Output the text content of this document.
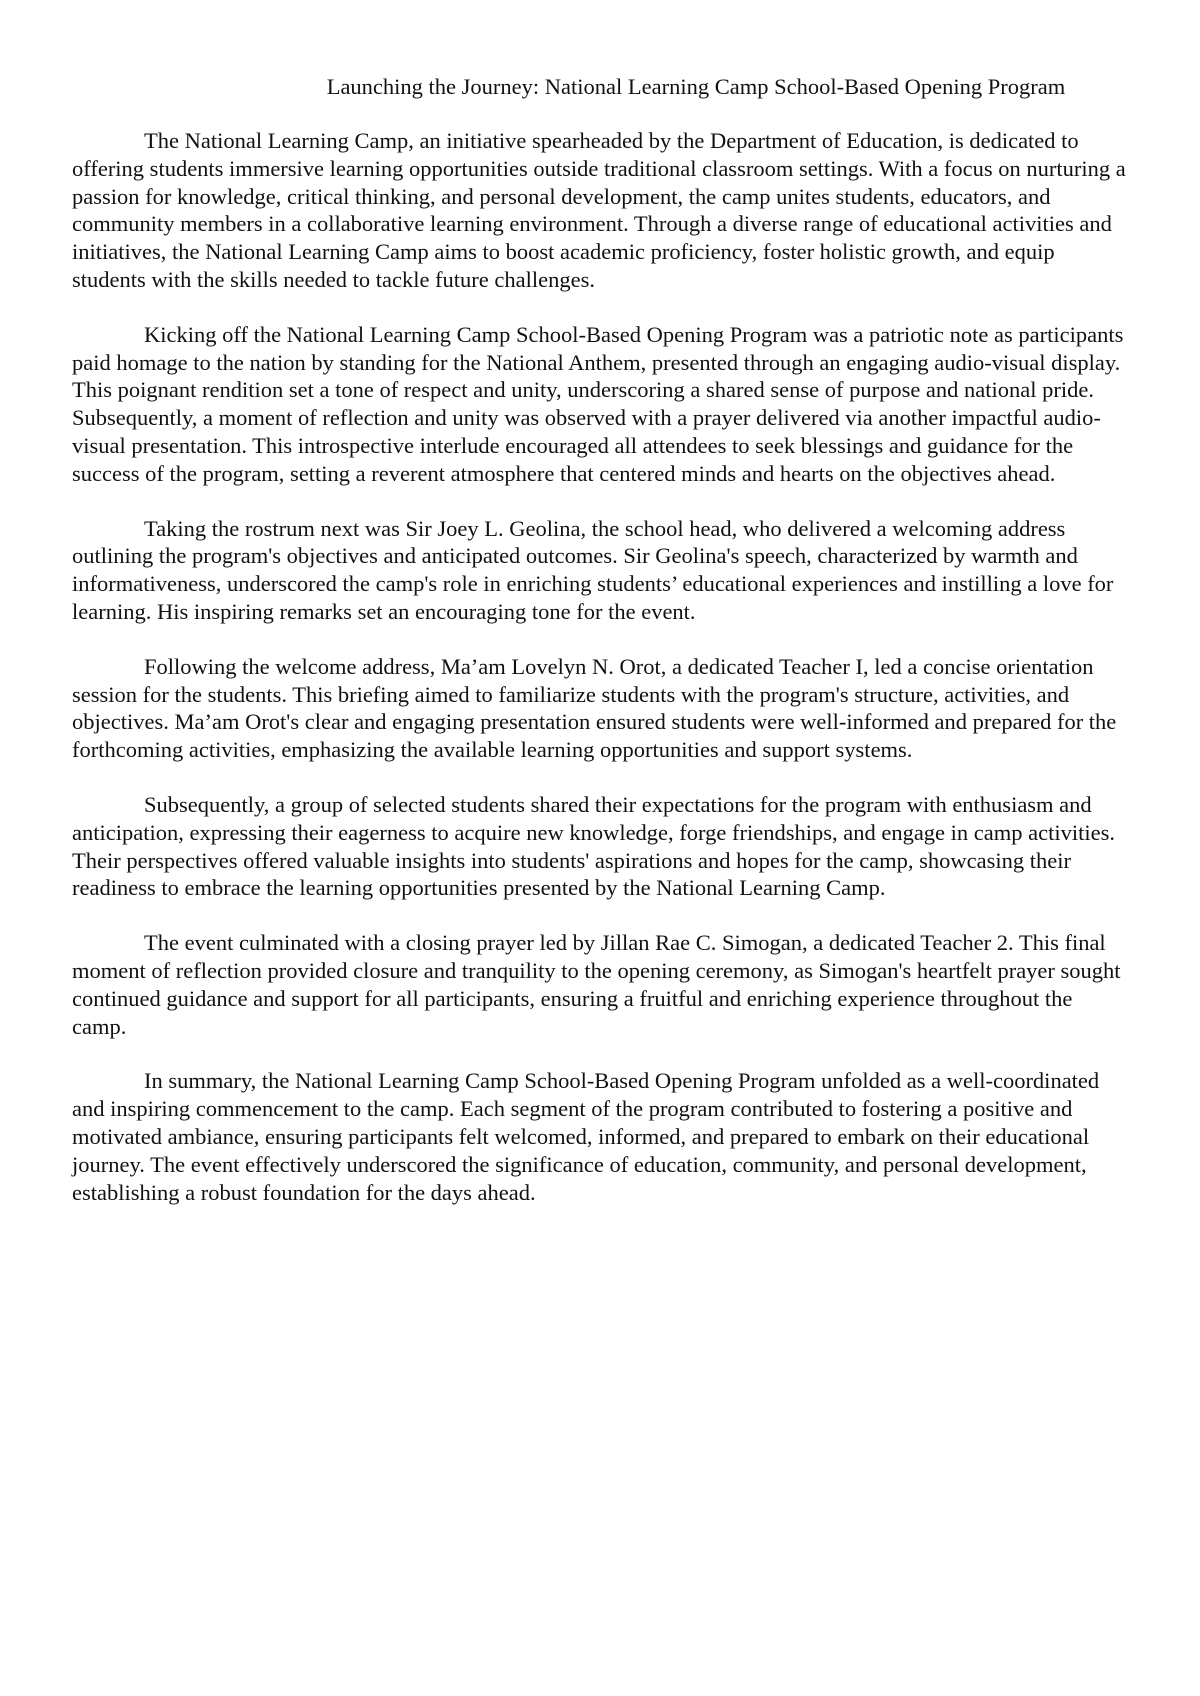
Launching the Journey: National Learning Camp School-Based Opening Program

The National Learning Camp, an initiative spearheaded by the Department of Education, is dedicated to offering students immersive learning opportunities outside traditional classroom settings. With a focus on nurturing a passion for knowledge, critical thinking, and personal development, the camp unites students, educators, and community members in a collaborative learning environment. Through a diverse range of educational activities and initiatives, the National Learning Camp aims to boost academic proficiency, foster holistic growth, and equip students with the skills needed to tackle future challenges.

Kicking off the National Learning Camp School-Based Opening Program was a patriotic note as participants paid homage to the nation by standing for the National Anthem, presented through an engaging audio-visual display. This poignant rendition set a tone of respect and unity, underscoring a shared sense of purpose and national pride. Subsequently, a moment of reflection and unity was observed with a prayer delivered via another impactful audio-visual presentation. This introspective interlude encouraged all attendees to seek blessings and guidance for the success of the program, setting a reverent atmosphere that centered minds and hearts on the objectives ahead.

Taking the rostrum next was Sir Joey L. Geolina, the school head, who delivered a welcoming address outlining the program's objectives and anticipated outcomes. Sir Geolina's speech, characterized by warmth and informativeness, underscored the camp's role in enriching students’ educational experiences and instilling a love for learning. His inspiring remarks set an encouraging tone for the event.

Following the welcome address, Ma’am Lovelyn N. Orot, a dedicated Teacher I, led a concise orientation session for the students. This briefing aimed to familiarize students with the program's structure, activities, and objectives. Ma’am Orot's clear and engaging presentation ensured students were well-informed and prepared for the forthcoming activities, emphasizing the available learning opportunities and support systems.

Subsequently, a group of selected students shared their expectations for the program with enthusiasm and anticipation, expressing their eagerness to acquire new knowledge, forge friendships, and engage in camp activities. Their perspectives offered valuable insights into students' aspirations and hopes for the camp, showcasing their readiness to embrace the learning opportunities presented by the National Learning Camp.

The event culminated with a closing prayer led by Jillan Rae C. Simogan, a dedicated Teacher 2. This final moment of reflection provided closure and tranquility to the opening ceremony, as Simogan's heartfelt prayer sought continued guidance and support for all participants, ensuring a fruitful and enriching experience throughout the camp.

In summary, the National Learning Camp School-Based Opening Program unfolded as a well-coordinated and inspiring commencement to the camp. Each segment of the program contributed to fostering a positive and motivated ambiance, ensuring participants felt welcomed, informed, and prepared to embark on their educational journey. The event effectively underscored the significance of education, community, and personal development, establishing a robust foundation for the days ahead.
